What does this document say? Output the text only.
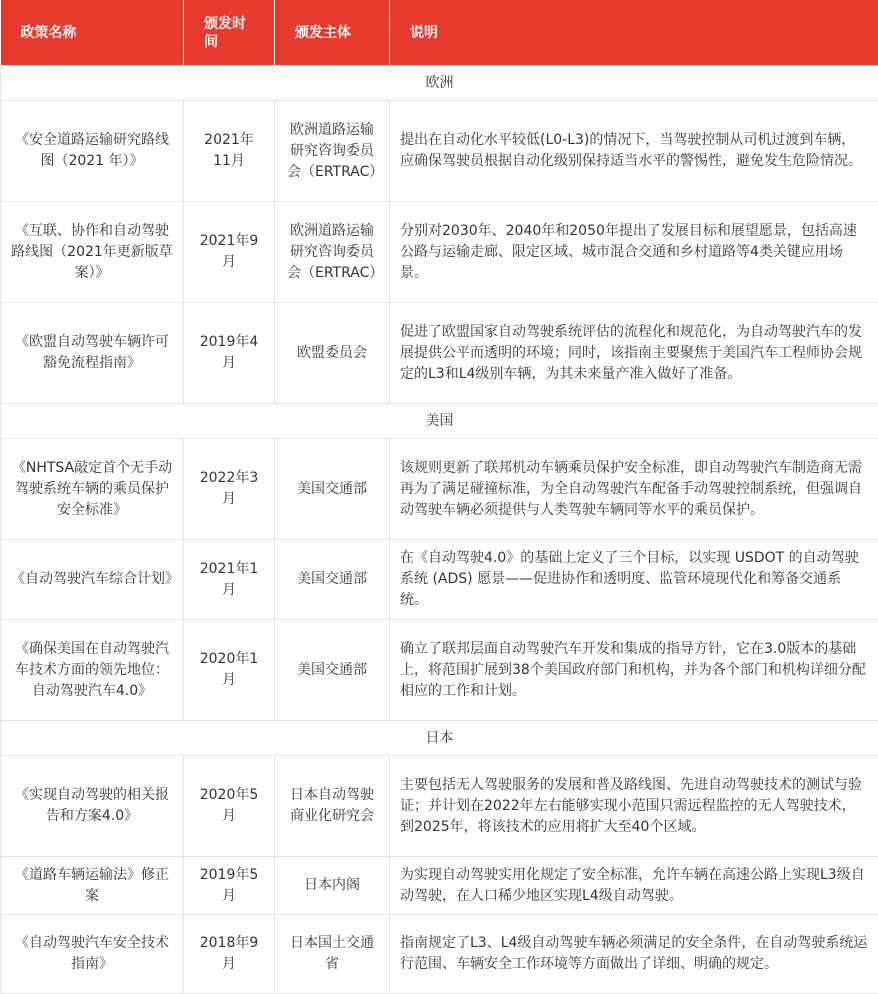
政策名称	颁发时间	颁发主体	说明
欧洲			
《安全道路运输研究路线图（2021 年）》	2021年11月	欧洲道路运输研究咨询委员会（ERTRAC）	提出在自动化水平较低(L0-L3)的情况下，当驾驶控制从司机过渡到车辆，应确保驾驶员根据自动化级别保持适当水平的警惕性，避免发生危险情况。
《互联、协作和自动驾驶路线图（2021年更新版草案）》	2021年9月	欧洲道路运输研究咨询委员会（ERTRAC）	分别对2030年、2040年和2050年提出了发展目标和展望愿景，包括高速公路与运输走廊、限定区域、城市混合交通和乡村道路等4类关键应用场景。
《欧盟自动驾驶车辆许可豁免流程指南》	2019年4月	欧盟委员会	促进了欧盟国家自动驾驶系统评估的流程化和规范化，为自动驾驶汽车的发展提供公平而透明的环境；同时，该指南主要聚焦于美国汽车工程师协会规定的L3和L4级别车辆，为其未来量产准入做好了准备。
美国			
《NHTSA敲定首个无手动驾驶系统车辆的乘员保护安全标准》	2022年3月	美国交通部	该规则更新了联邦机动车辆乘员保护安全标准，即自动驾驶汽车制造商无需再为了满足碰撞标准，为全自动驾驶汽车配备手动驾驶控制系统，但强调自动驾驶车辆必须提供与人类驾驶车辆同等水平的乘员保护。
《自动驾驶汽车综合计划》	2021年1月	美国交通部	在《自动驾驶4.0》的基础上定义了三个目标，以实现 USDOT 的自动驾驶系统 (ADS) 愿景——促进协作和透明度、监管环境现代化和筹备交通系统。
《确保美国在自动驾驶汽车技术方面的领先地位：自动驾驶汽车4.0》	2020年1月	美国交通部	确立了联邦层面自动驾驶汽车开发和集成的指导方针，它在3.0版本的基础上，将范围扩展到38个美国政府部门和机构，并为各个部门和机构详细分配相应的工作和计划。
日本			
《实现自动驾驶的相关报告和方案4.0》	2020年5月	日本自动驾驶商业化研究会	主要包括无人驾驶服务的发展和普及路线图、先进自动驾驶技术的测试与验证；并计划在2022年左右能够实现小范围只需远程监控的无人驾驶技术，到2025年，将该技术的应用将扩大至40个区域。
《道路车辆运输法》修正案	2019年5月	日本内阁	为实现自动驾驶实用化规定了安全标准，允许车辆在高速公路上实现L3级自动驾驶，在人口稀少地区实现L4级自动驾驶。
《自动驾驶汽车安全技术指南》	2018年9月	日本国土交通省	指南规定了L3、L4级自动驾驶车辆必须满足的安全条件，在自动驾驶系统运行范围、车辆安全工作环境等方面做出了详细、明确的规定。
